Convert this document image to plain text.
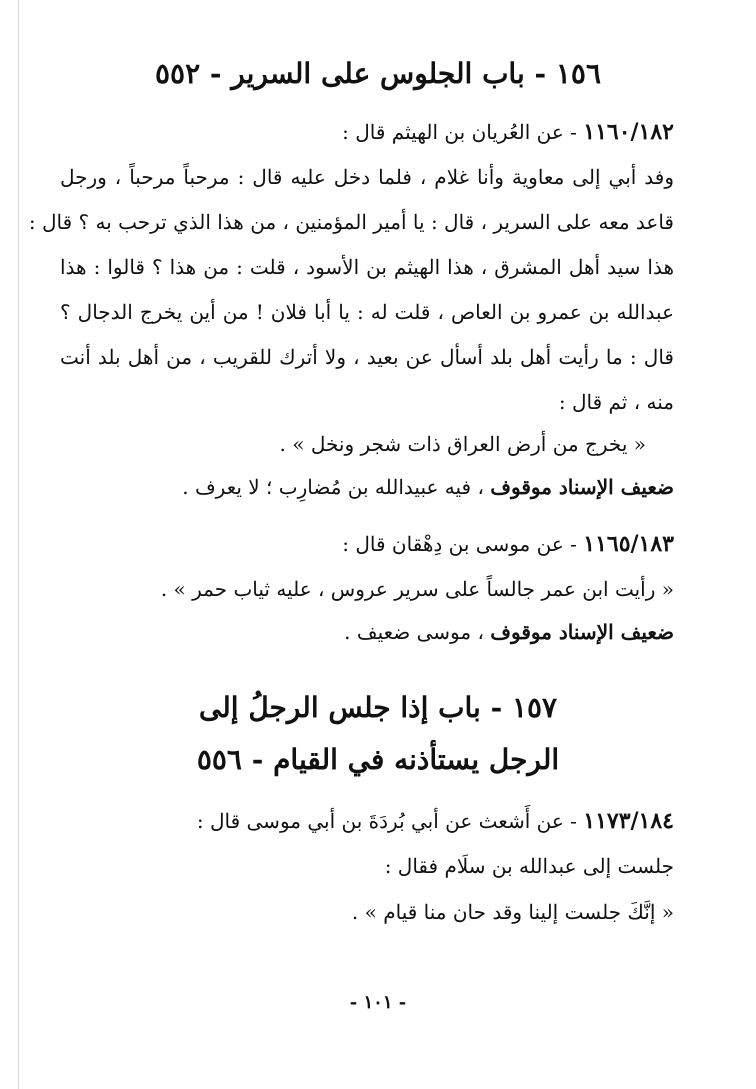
١٥٦ - باب الجلوس على السرير - ٥٥٢
١١٦٠/١٨٢ - عن العُريان بن الهيثم قال :
وفد أبي إلى معاوية وأنا غلام ، فلما دخل عليه قال : مرحباً مرحباً ، ورجل
قاعد معه على السرير ، قال : يا أمير المؤمنين ، من هذا الذي ترحب به ؟ قال :
هذا سيد أهل المشرق ، هذا الهيثم بن الأسود ، قلت : من هذا ؟ قالوا : هذا
عبدالله بن عمرو بن العاص ، قلت له : يا أبا فلان ! من أين يخرج الدجال ؟
قال : ما رأيت أهل بلد أسأل عن بعيد ، ولا أترك للقريب ، من أهل بلد أنت
منه ، ثم قال :
« يخرج من أرض العراق ذات شجر ونخل » .
ضعيف الإسناد موقوف ، فيه عبيدالله بن مُضارِب ؛ لا يعرف .
١١٦٥/١٨٣ - عن موسى بن دِهْقان قال :
« رأيت ابن عمر جالساً على سرير عروس ، عليه ثياب حمر » .
ضعيف الإسناد موقوف ، موسى ضعيف .
١٥٧ - باب إذا جلس الرجلُ إلى
الرجل يستأذنه في القيام - ٥٥٦
١١٧٣/١٨٤ - عن أَشعث عن أبي بُردَةَ بن أبي موسى قال :
جلست إلى عبدالله بن سلَام فقال :
« إنَّكَ جلست إلينا وقد حان منا قيام » .
- ١٠١ -
